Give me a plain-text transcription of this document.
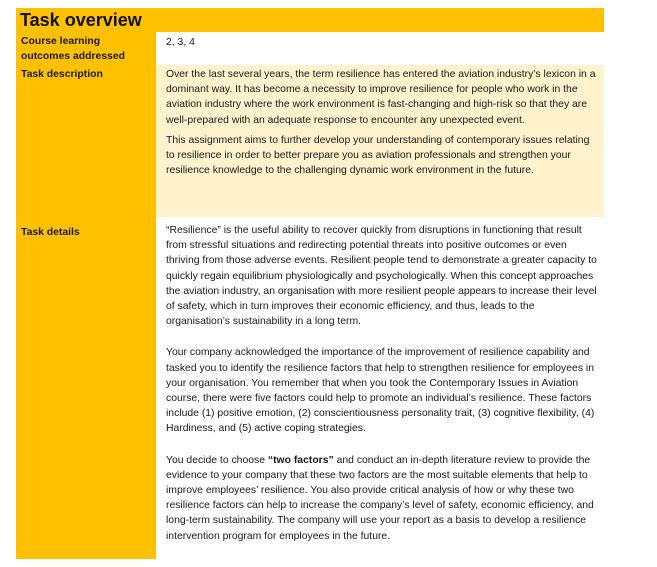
Task overview
Course learning outcomes addressed
2, 3, 4
Task description	Over the last several years, the term resilience has entered the aviation industry’s lexicon in a dominant way. It has become a necessity to improve resilience for people who work in the aviation industry where the work environment is fast-changing and high-risk so that they are well-prepared with an adequate response to encounter any unexpected event.

This assignment aims to further develop your understanding of contemporary issues relating to resilience in order to better prepare you as aviation professionals and strengthen your resilience knowledge to the challenging dynamic work environment in the future.

Task details	“Resilience” is the useful ability to recover quickly from disruptions in functioning that result from stressful situations and redirecting potential threats into positive outcomes or even thriving from those adverse events. Resilient people tend to demonstrate a greater capacity to quickly regain equilibrium physiologically and psychologically. When this concept approaches the aviation industry, an organisation with more resilient people appears to increase their level of safety, which in turn improves their economic efficiency, and thus, leads to the organisation’s sustainability in a long term.

Your company acknowledged the importance of the improvement of resilience capability and tasked you to identify the resilience factors that help to strengthen resilience for employees in your organisation. You remember that when you took the Contemporary Issues in Aviation course, there were five factors could help to promote an individual’s resilience. These factors include (1) positive emotion, (2) conscientiousness personality trait, (3) cognitive flexibility, (4) Hardiness, and (5) active coping strategies.

You decide to choose “two factors” and conduct an in-depth literature review to provide the evidence to your company that these two factors are the most suitable elements that help to improve employees’ resilience. You also provide critical analysis of how or why these two resilience factors can help to increase the company’s level of safety, economic efficiency, and long-term sustainability. The company will use your report as a basis to develop a resilience intervention program for employees in the future.
